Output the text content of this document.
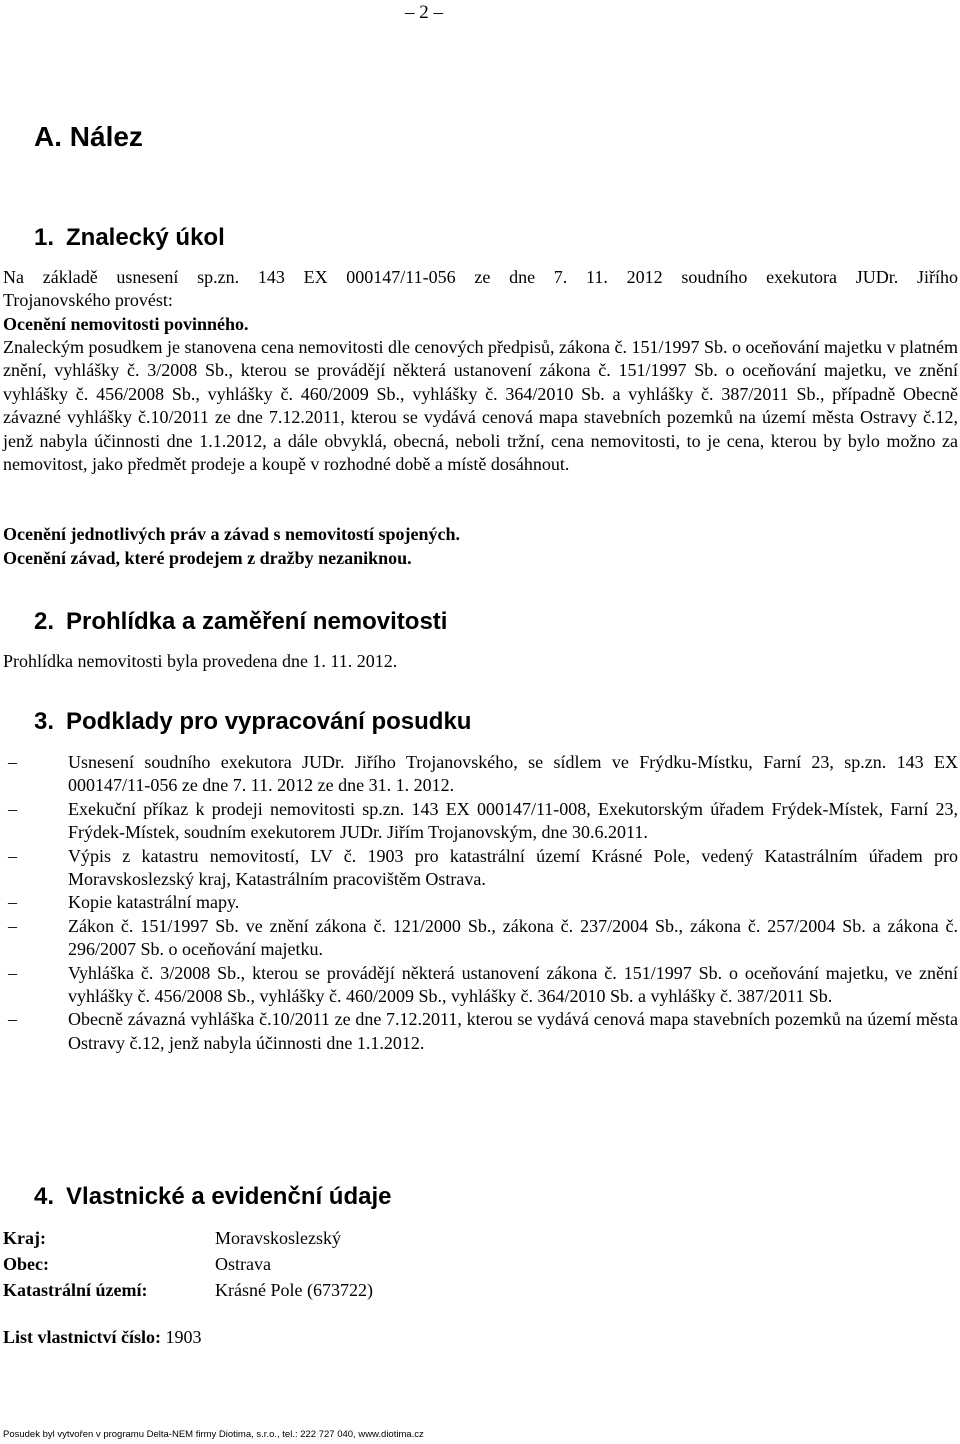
– 2 –
A. Nález
1. Znalecký úkol

Na základě usnesení sp.zn. 143 EX 000147/11-056 ze dne 7. 11. 2012 soudního exekutora JUDr. Jiřího

Trojanovského provést:

Ocenění nemovitosti povinného.

Znaleckým posudkem je stanovena cena nemovitosti dle cenových předpisů, zákona č. 151/1997 Sb. o oceňování majetku v platném znění, vyhlášky č. 3/2008 Sb., kterou se provádějí některá ustanovení zákona č. 151/1997 Sb. o oceňování majetku, ve znění vyhlášky č. 456/2008 Sb., vyhlášky č. 460/2009 Sb., vyhlášky č. 364/2010 Sb. a vyhlášky č. 387/2011 Sb., případně Obecně závazné vyhlášky č.10/2011 ze dne 7.12.2011, kterou se vydává cenová mapa stavebních pozemků na území města Ostravy č.12, jenž nabyla účinnosti dne 1.1.2012, a dále obvyklá, obecná, neboli tržní, cena nemovitosti, to je cena, kterou by bylo možno za nemovitost, jako předmět prodeje a koupě v rozhodné době a místě dosáhnout.

Ocenění jednotlivých práv a závad s nemovitostí spojených.

Ocenění závad, které prodejem z dražby nezaniknou.

2. Prohlídka a zaměření nemovitosti

Prohlídka nemovitosti byla provedena dne 1. 11. 2012.

3. Podklady pro vypracování posudku
–	Usnesení soudního exekutora JUDr. Jiřího Trojanovského, se sídlem ve Frýdku-Místku, Farní 23, sp.zn. 143 EX 000147/11-056 ze dne 7. 11. 2012 ze dne 31. 1. 2012.
–	Exekuční příkaz k prodeji nemovitosti sp.zn. 143 EX 000147/11-008, Exekutorským úřadem Frýdek-Místek, Farní 23, Frýdek-Místek, soudním exekutorem JUDr. Jiřím Trojanovským, dne 30.6.2011.
–	Výpis z katastru nemovitostí, LV č. 1903 pro katastrální území Krásné Pole, vedený Katastrálním úřadem pro Moravskoslezský kraj, Katastrálním pracovištěm Ostrava.
–	Kopie katastrální mapy.
–	Zákon č. 151/1997 Sb. ve znění zákona č. 121/2000 Sb., zákona č. 237/2004 Sb., zákona č. 257/2004 Sb. a zákona č. 296/2007 Sb. o oceňování majetku.
–	Vyhláška č. 3/2008 Sb., kterou se provádějí některá ustanovení zákona č. 151/1997 Sb. o oceňování majetku, ve znění vyhlášky č. 456/2008 Sb., vyhlášky č. 460/2009 Sb., vyhlášky č. 364/2010 Sb. a vyhlášky č. 387/2011 Sb.
–	Obecně závazná vyhláška č.10/2011 ze dne 7.12.2011, kterou se vydává cenová mapa stavebních pozemků na území města Ostravy č.12, jenž nabyla účinnosti dne 1.1.2012.
4. Vlastnické a evidenční údaje
Kraj:	Moravskoslezský
Obec:	Ostrava
Katastrální území:	Krásné Pole (673722)
List vlastnictví číslo: 1903
Posudek byl vytvořen v programu Delta-NEM firmy Diotima, s.r.o., tel.: 222 727 040, www.diotima.cz
